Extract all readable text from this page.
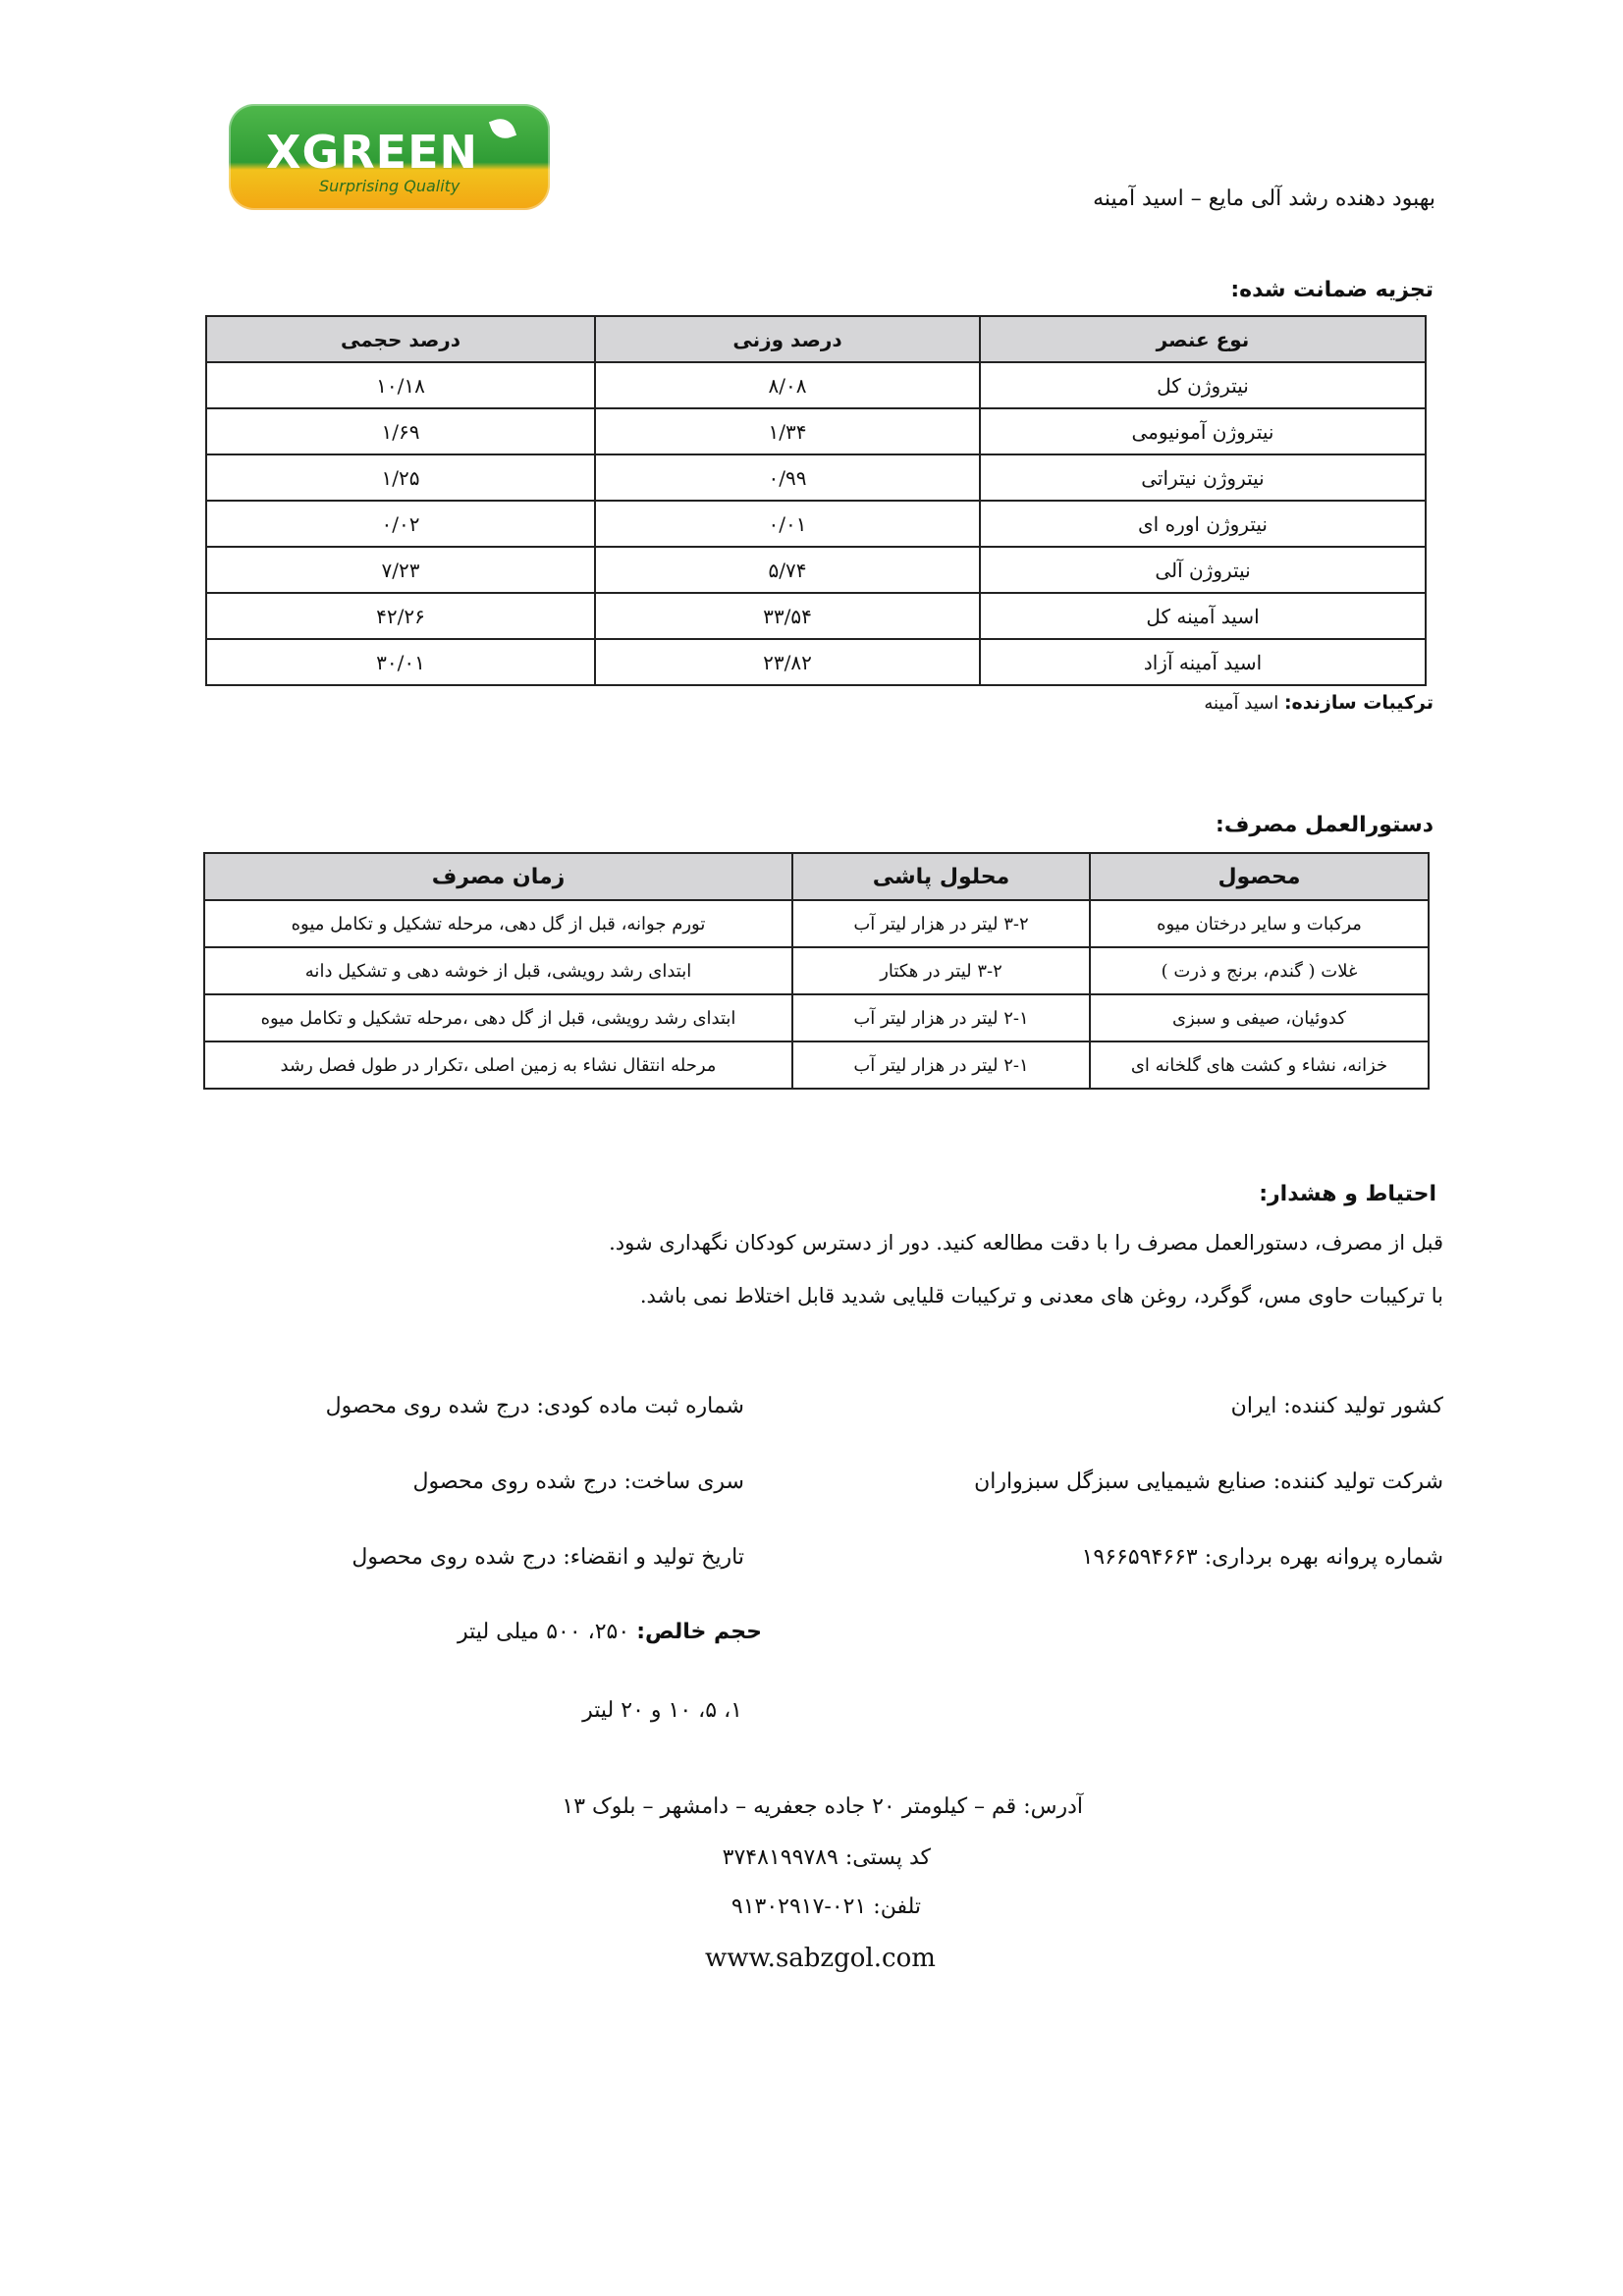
XGREEN
Surprising Quality
بهبود دهنده رشد آلی مایع – اسید آمینه
تجزیه ضمانت شده:
نوع عنصر	درصد وزنی	درصد حجمی
نیتروژن کل	۸/۰۸	۱۰/۱۸
نیتروژن آمونیومی	۱/۳۴	۱/۶۹
نیتروژن نیتراتی	۰/۹۹	۱/۲۵
نیتروژن اوره ای	۰/۰۱	۰/۰۲
نیتروژن آلی	۵/۷۴	۷/۲۳
اسید آمینه کل	۳۳/۵۴	۴۲/۲۶
اسید آمینه آزاد	۲۳/۸۲	۳۰/۰۱
ترکیبات سازنده: اسید آمینه
دستورالعمل مصرف:
محصول	محلول پاشی	زمان مصرف
مرکبات و سایر درختان میوه	۳-۲ لیتر در هزار لیتر آب	تورم جوانه، قبل از گل دهی، مرحله تشکیل و تکامل میوه
غلات ( گندم، برنج و ذرت )	۳-۲ لیتر در هکتار	ابتدای رشد رویشی، قبل از خوشه دهی و تشکیل دانه
کدوئیان، صیفی و سبزی	۲-۱ لیتر در هزار لیتر آب	ابتدای رشد رویشی، قبل از گل دهی ،مرحله تشکیل و تکامل میوه
خزانه، نشاء و کشت های گلخانه ای	۲-۱ لیتر در هزار لیتر آب	مرحله انتقال نشاء به زمین اصلی ،تکرار در طول فصل رشد
احتیاط و هشدار:
قبل از مصرف، دستورالعمل مصرف را با دقت مطالعه کنید. دور از دسترس کودکان نگهداری شود.
با ترکیبات حاوی مس، گوگرد، روغن های معدنی و ترکیبات قلیایی شدید قابل اختلاط نمی باشد.
کشور تولید کننده: ایران
شرکت تولید کننده: صنایع شیمیایی سبزگل سبزواران
شماره پروانه بهره برداری: ۱۹۶۶۵۹۴۶۶۳
شماره ثبت ماده کودی: درج شده روی محصول
سری ساخت: درج شده روی محصول
تاریخ تولید و انقضاء: درج شده روی محصول
حجم خالص: ۲۵۰، ۵۰۰ میلی لیتر
۱، ۵، ۱۰ و ۲۰ لیتر
آدرس: قم – کیلومتر ۲۰ جاده جعفریه – دامشهر – بلوک ۱۳
کد پستی: ۳۷۴۸۱۹۹۷۸۹
تلفن: ۰۲۱-۹۱۳۰۲۹۱۷
www.sabzgol.com
